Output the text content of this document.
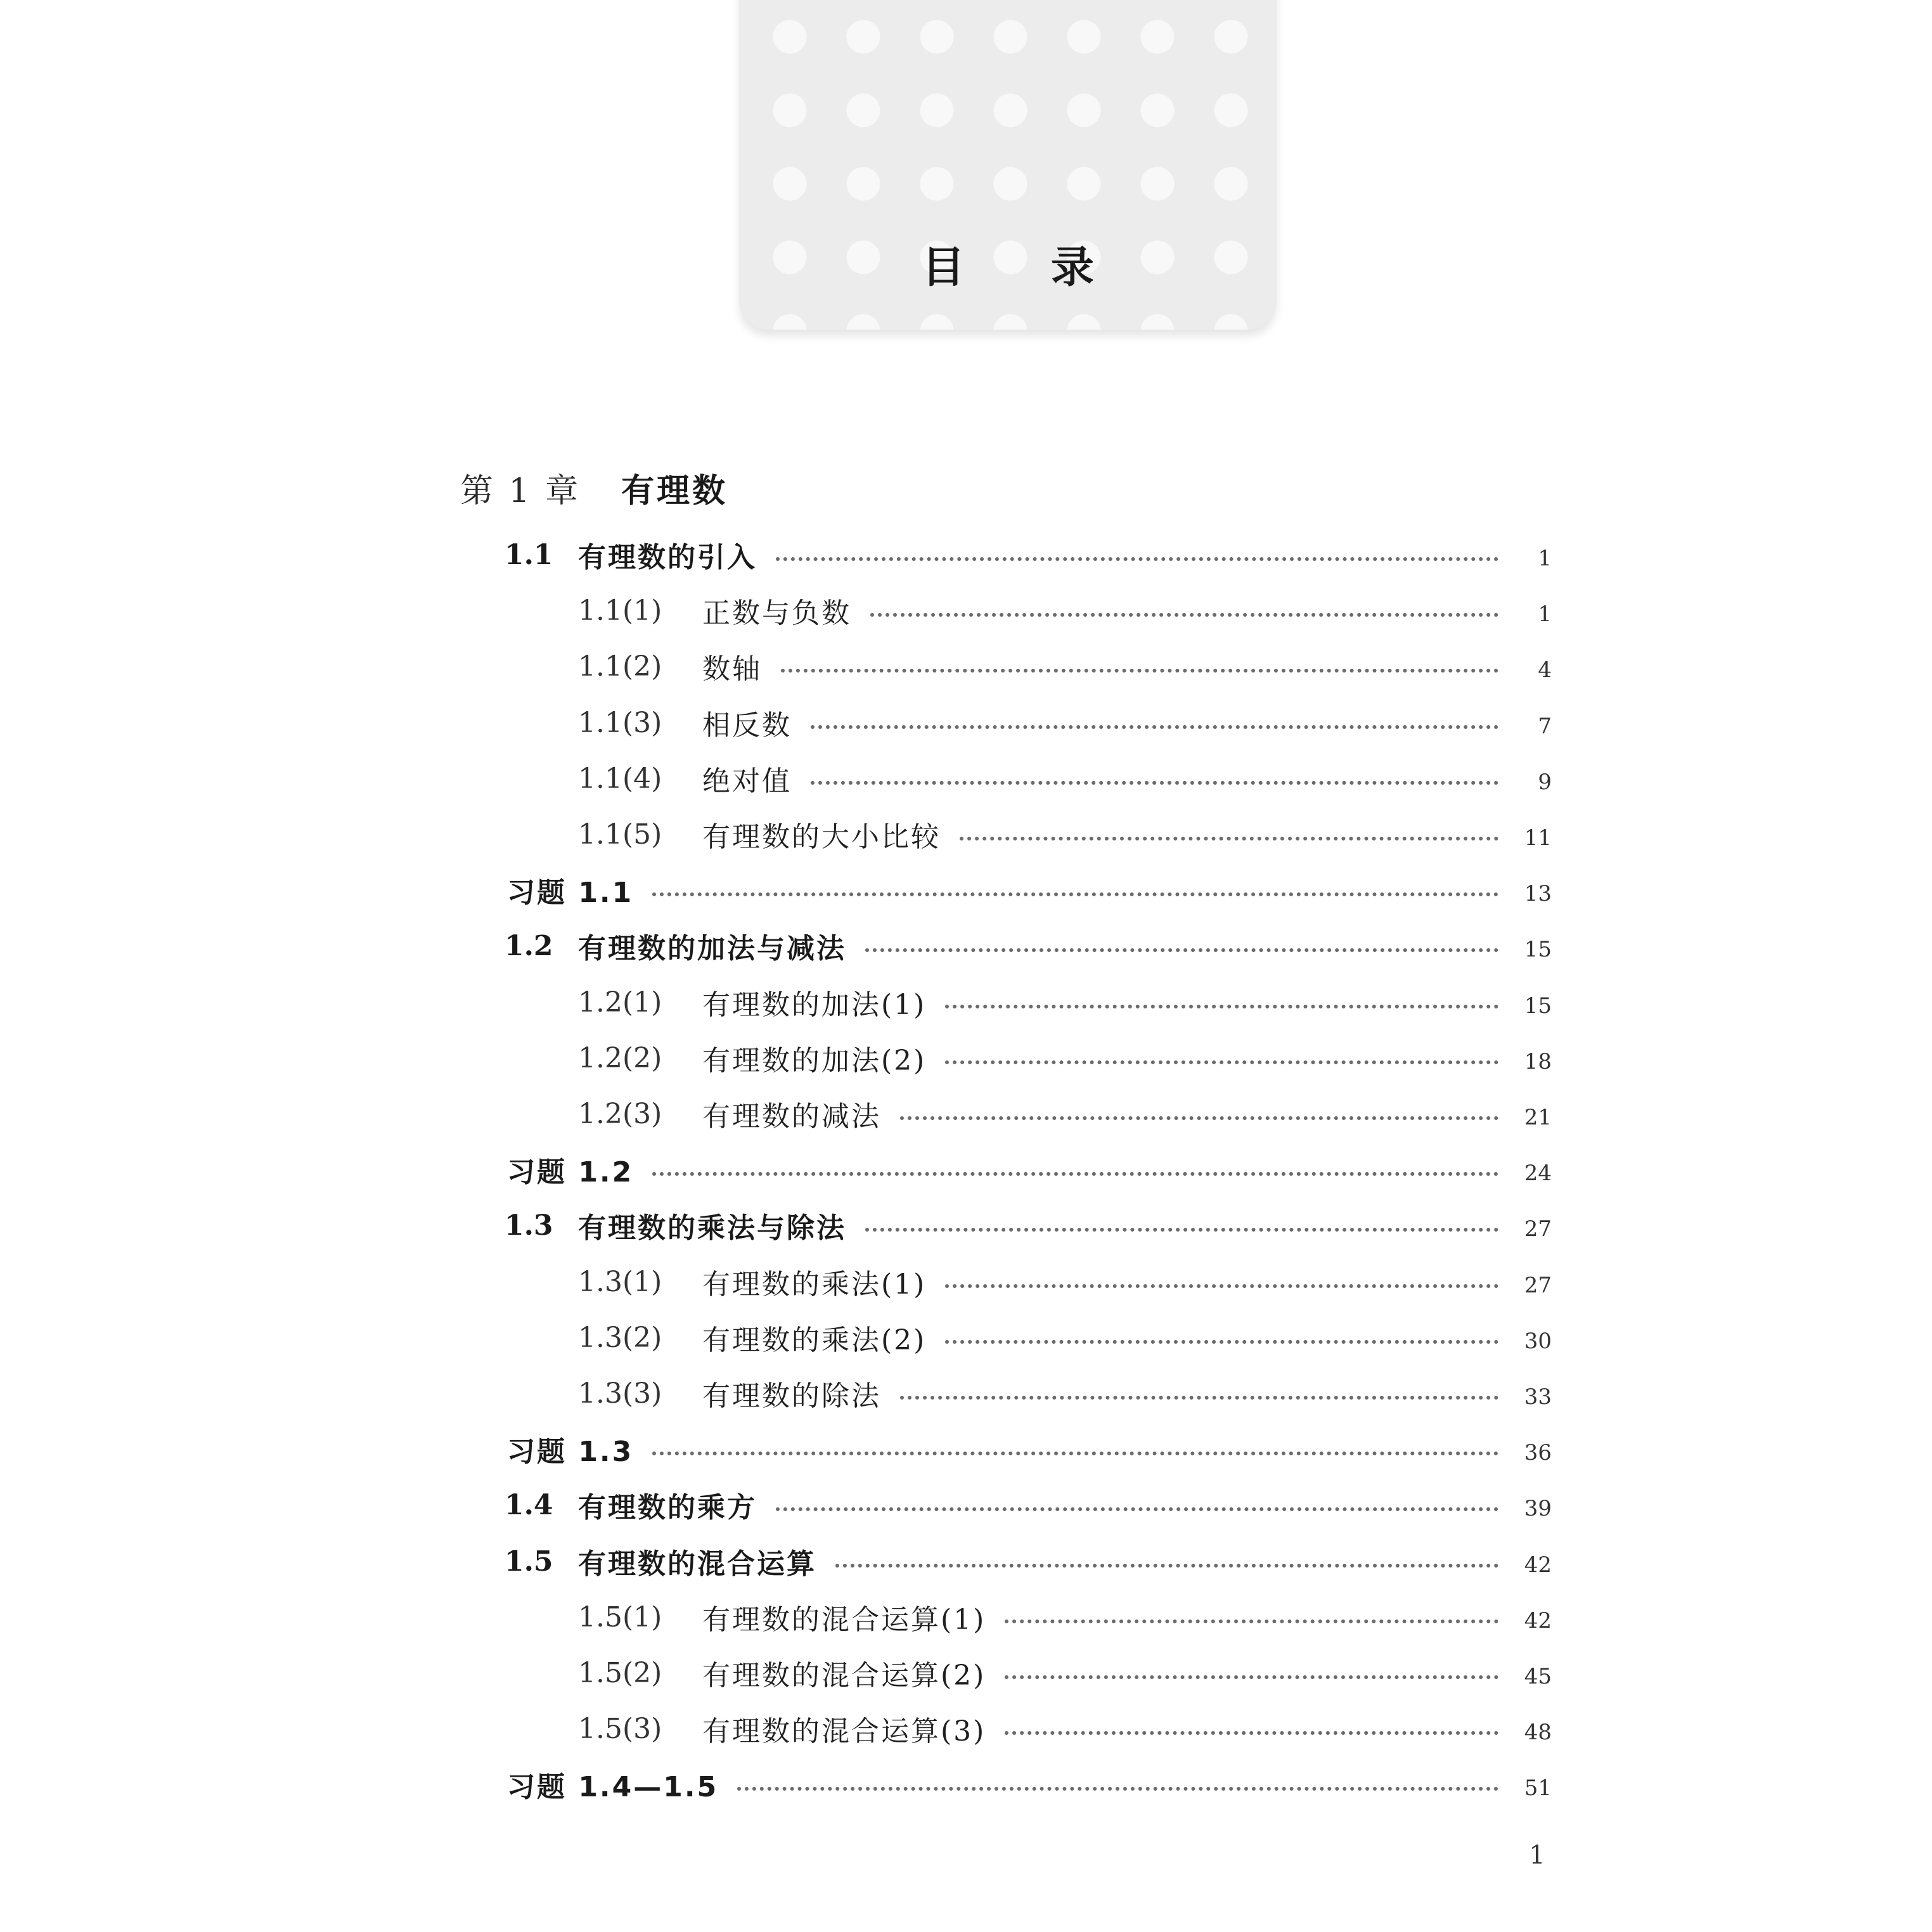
目 录
第 1 章 有理数
1.1 有理数的引入	1
1.1(1)	正数与负数	1
1.1(2)	数轴	4
1.1(3)	相反数	7
1.1(4)	绝对值	9
1.1(5)	有理数的大小比较	11
习题 1.1	13
1.2 有理数的加法与减法	15
1.2(1)	有理数的加法(1)	15
1.2(2)	有理数的加法(2)	18
1.2(3)	有理数的减法	21
习题 1.2	24
1.3 有理数的乘法与除法	27
1.3(1)	有理数的乘法(1)	27
1.3(2)	有理数的乘法(2)	30
1.3(3)	有理数的除法	33
习题 1.3	36
1.4 有理数的乘方	39
1.5 有理数的混合运算	42
1.5(1)	有理数的混合运算(1)	42
1.5(2)	有理数的混合运算(2)	45
1.5(3)	有理数的混合运算(3)	48
习题 1.4—1.5	51
1
